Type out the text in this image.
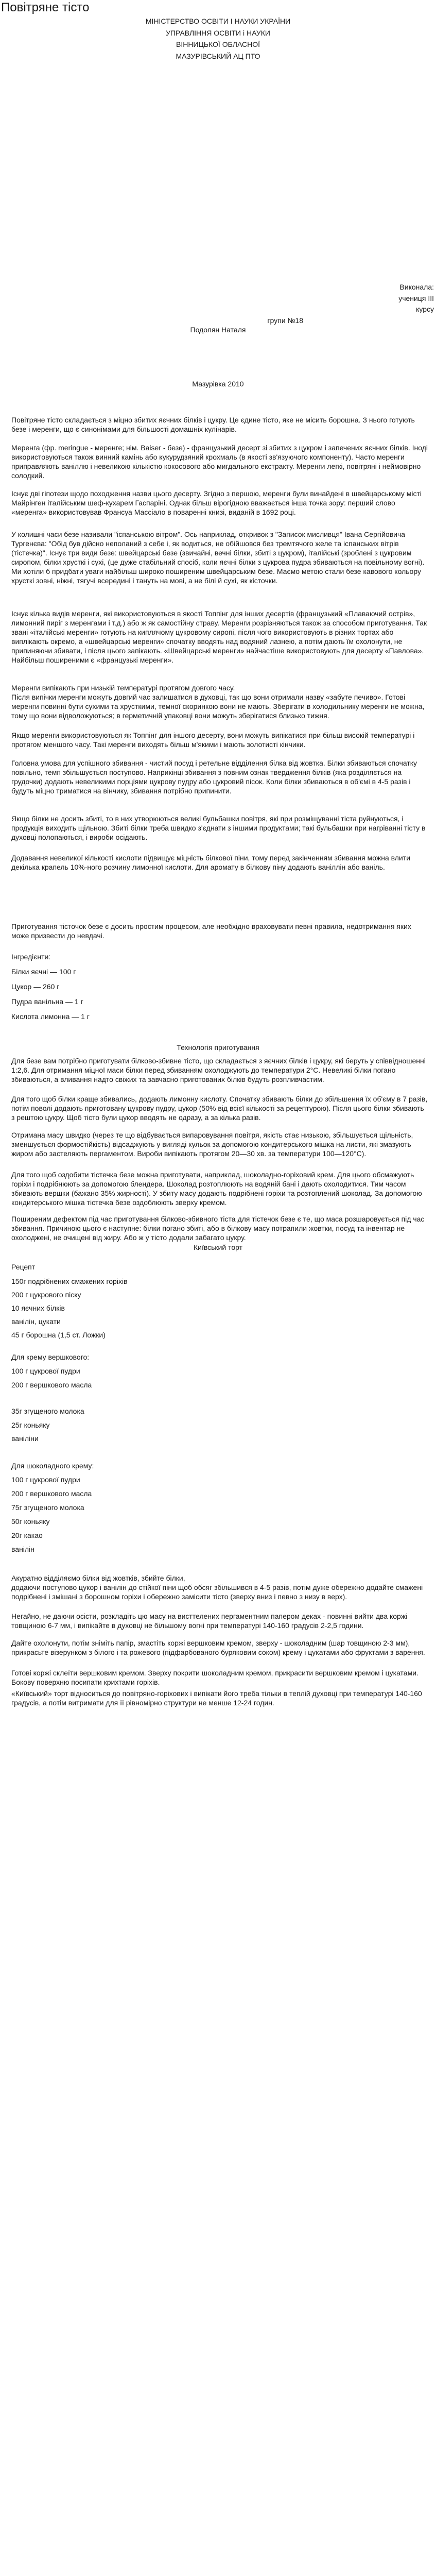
Повітряне тісто

МІНІСТЕРСТВО ОСВІТИ І НАУКИ УКРАЇНИ

УПРАВЛІННЯ ОСВІТИ і НАУКИ

ВІННИЦЬКОЇ ОБЛАСНОЇ

МАЗУРІВСЬКИЙ АЦ ПТО

Виконала:

учениця ІІІ

курсу

групи №18

Подолян Наталя

Мазурівка 2010

Повітряне тісто складається з міцно збитих яєчних білків і цукру. Це єдине тісто, яке не місить борошна. З нього готують безе і меренги, що є синонімами для більшості домашніх кулінарів.

Меренга (фр. meringue - меренге; нім. Baiser - безе) - французький десерт зі збитих з цукром і запечених яєчних білків. Іноді використовуються також винний камінь або кукурудзяний крохмаль (в якості зв'язуючого компоненту). Часто меренги приправляють ваніллю і невеликою кількістю кокосового або мигдального екстракту. Меренги легкі, повітряні і неймовірно солодкий.

Існує дві гіпотези щодо походження назви цього десерту. Згідно з першою, меренги були винайдені в швейцарському місті Майрінген італійським шеф-кухарем Гаспаріні. Однак більш вірогідною вважається інша точка зору: перший слово «меренга» використовував Франсуа Массіало в поваренні книзі, виданій в 1692 році.

У колишні часи безе називали "іспанською вітром". Ось наприклад, откривок з "Записок мисливця" Івана Сергійовича Тургенєва: "Обід був дійсно неполаний з себе і, як водиться, не обійшовся без тремтячого желе та іспанських вітрів (тістечка)". Існує три види безе: швейцарські безе (звичайні, вечні білки, збиті з цукром), італійські (зроблені з цукровим сиропом, білки хрусткі і сухі, (це дуже стабільний спосіб, коли яєчні білки з цукрова пудра збиваються на повільному вогні). Ми хотіли б придбати уваги найбільш широко поширеним швейцарським безе. Маємо метою стали безе кавового кольору хрусткі зовні, ніжні, тягучі всередині і тануть на мові, а не білі й сухі, як кісточки.

Існує кілька видів меренги, які використовуються в якості Топпінг для інших десертів (французький «Плаваючий острів», лимонний пиріг з меренгами і т.д.) або ж як самостійну страву. Меренги розрізняються також за способом приготування. Так звані «італійські меренги» готують на киплячому цукровому сиропі, після чого використовують в різних тортах або виплікають окремо, а «швейцарські меренги» спочатку вводять над водяний лазнею, а потім дають їм охолонути, не припиняючи збивати, і після цього запікають. «Швейцарські меренги» найчастіше використовують для десерту «Павлова». Найбільш поширеними є «французькі меренги».

Меренги випікають при низькій температурі протягом довгого часу.

Після випічки меренги можуть довгий час залишатися в духовці, так що вони отримали назву «забуте печиво». Готові меренги повинні бути сухими та хрусткими, темної скоринкою вони не мають. Зберігати в холодильнику меренги не можна, тому що вони відволожуються; в герметичній упаковці вони можуть зберігатися близько тижня.

Якщо меренги використовуються як Топпінг для іншого десерту, вони можуть випікатися при більш високій температурі і протягом меншого часу. Такі меренги виходять більш м'якими і мають золотисті кінчики.

Головна умова для успішного збивання - чистий посуд і ретельне відділення білка від жовтка. Білки збиваються спочатку повільно, темп збільшується поступово. Наприкінці збивання з повним ознак твердження білків (яка розділяється на грудочки) додають невеликими порціями цукрову пудру або цукровий пісок. Коли білки збиваються в об'ємі в 4-5 разів і будуть міцно триматися на вінчику, збивання потрібно припинити.

Якщо білки не досить збиті, то в них утворюються великі бульбашки повітря, які при розміщуванні тіста руйнуються, і продукція виходить щільною. Збиті білки треба швидко з'єднати з іншими продуктами; такі бульбашки при нагріванні тісту в духовці полопаються, і вироби осідають.

Додавання невеликої кількості кислоти підвищує міцність білкової піни, тому перед закінченням збивання можна влити декілька крапель 10%-ного розчину лимонної кислоти. Для аромату в білкову піну додають ваніллін або ваніль.

Приготування тісточок безе є досить простим процесом, але необхідно враховувати певні правила, недотримання яких може призвести до невдачі.

Інгредієнти:

Білки яєчні — 100 г

Цукор — 260 г

Пудра ванільна — 1 г

Кислота лимонна — 1 г

Технологія приготування

Для безе вам потрібно приготувати білково-збивне тісто, що складається з яєчних білків і цукру, які беруть у співвідношенні 1:2,6. Для отримання міцної маси білки перед збиванням охолоджують до температури 2°С. Невеликі білки погано збиваються, а вливання надто свіжих та завчасно приготованих білків будуть розпливчастим.

Для того щоб білки краще збивались, додають лимонну кислоту. Спочатку збивають білки до збільшення їх об'єму в 7 разів, потім поволі додають приготовану цукрову пудру, цукор (50% від всієї кількості за рецептурою). Після цього білки збивають з рештою цукру. Щоб тісто були цукор вводять не одразу, а за кілька разів.

Отримана масу швидко (через те що відбувається випаровування повітря, якість стає низькою, збільшується щільність, зменшується формостійкість) відсаджують у вигляді кульок за допомогою кондитерського мішка на листи, які змазують жиром або застеляють пергаментом. Вироби випікають протягом 20—30 хв. за температури 100—120°С).

Для того щоб оздобити тістечка безе можна приготувати, наприклад, шоколадно-горіховий крем. Для цього обсмажують горіхи і подрібнюють за допомогою блендера. Шоколад розтоплюють на водяній бані і дають охолодитися. Тим часом збивають вершки (бажано 35% жирності). У збиту масу додають подрібнені горіхи та розтоплений шоколад. За допомогою кондитерського мішка тістечка безе оздоблюють зверху кремом.

Поширеним дефектом під час приготування білково-збивного тіста для тістечок безе є те, що маса розшаровується під час збивання. Причиною цього є наступне: білки погано збиті, або в білкову масу потрапили жовтки, посуд та інвентар не охолоджені, не очищені від жиру. Або ж у тісто додали забагато цукру.

Київський торт

Рецепт

150г подрібнених смажених горіхів

200 г цукрового піску

10 яєчних білків

ванілін, цукати

45 г борошна (1,5 ст. Ложки)

Для крему вершкового:

100 г цукрової пудри

200 г вершкового масла

35г згущеного молока

25г коньяку

ваніліни

Для шоколадного крему:

100 г цукрової пудри

200 г вершкового масла

75г згущеного молока

50г коньяку

20г какао

ванілін

Акуратно відділяємо білки від жовтків, збийте білки,

додаючи поступово цукор і ванілін до стійкої піни щоб обсяг збільшився в 4-5 разів, потім дуже обережно додайте смажені подрібнені і змішані з борошном горіхи і обережно замісити тісто (зверху вниз і певно з низу в верх).

Негайно, не даючи осісти, розкладіть цю масу на висттелених пергаментним папером деках - повинні вийти два коржі товщиною 6-7 мм, і випікайте в духовці не більшому вогні при температурі 140-160 градусів 2-2,5 години.

Дайте охолонути, потім зніміть папір, змастіть коржі вершковим кремом, зверху - шоколадним (шар товщиною 2-3 мм), прикрасьте візерунком з білого і та рожевого (підфарбованого буряковим соком) крему і цукатами або фруктами з варення.

Готові коржі склеїти вершковим кремом. Зверху покрити шоколадним кремом, прикрасити вершковим кремом і цукатами. Бокову поверхню посипати крихтами горіхів.

«Київський» торт відноситься до повітряно-горіхових і випікати його треба тільки в теплій духовці при температурі 140-160 градусів, а потім витримати для її рівномірно структури не менше 12-24 годин.
